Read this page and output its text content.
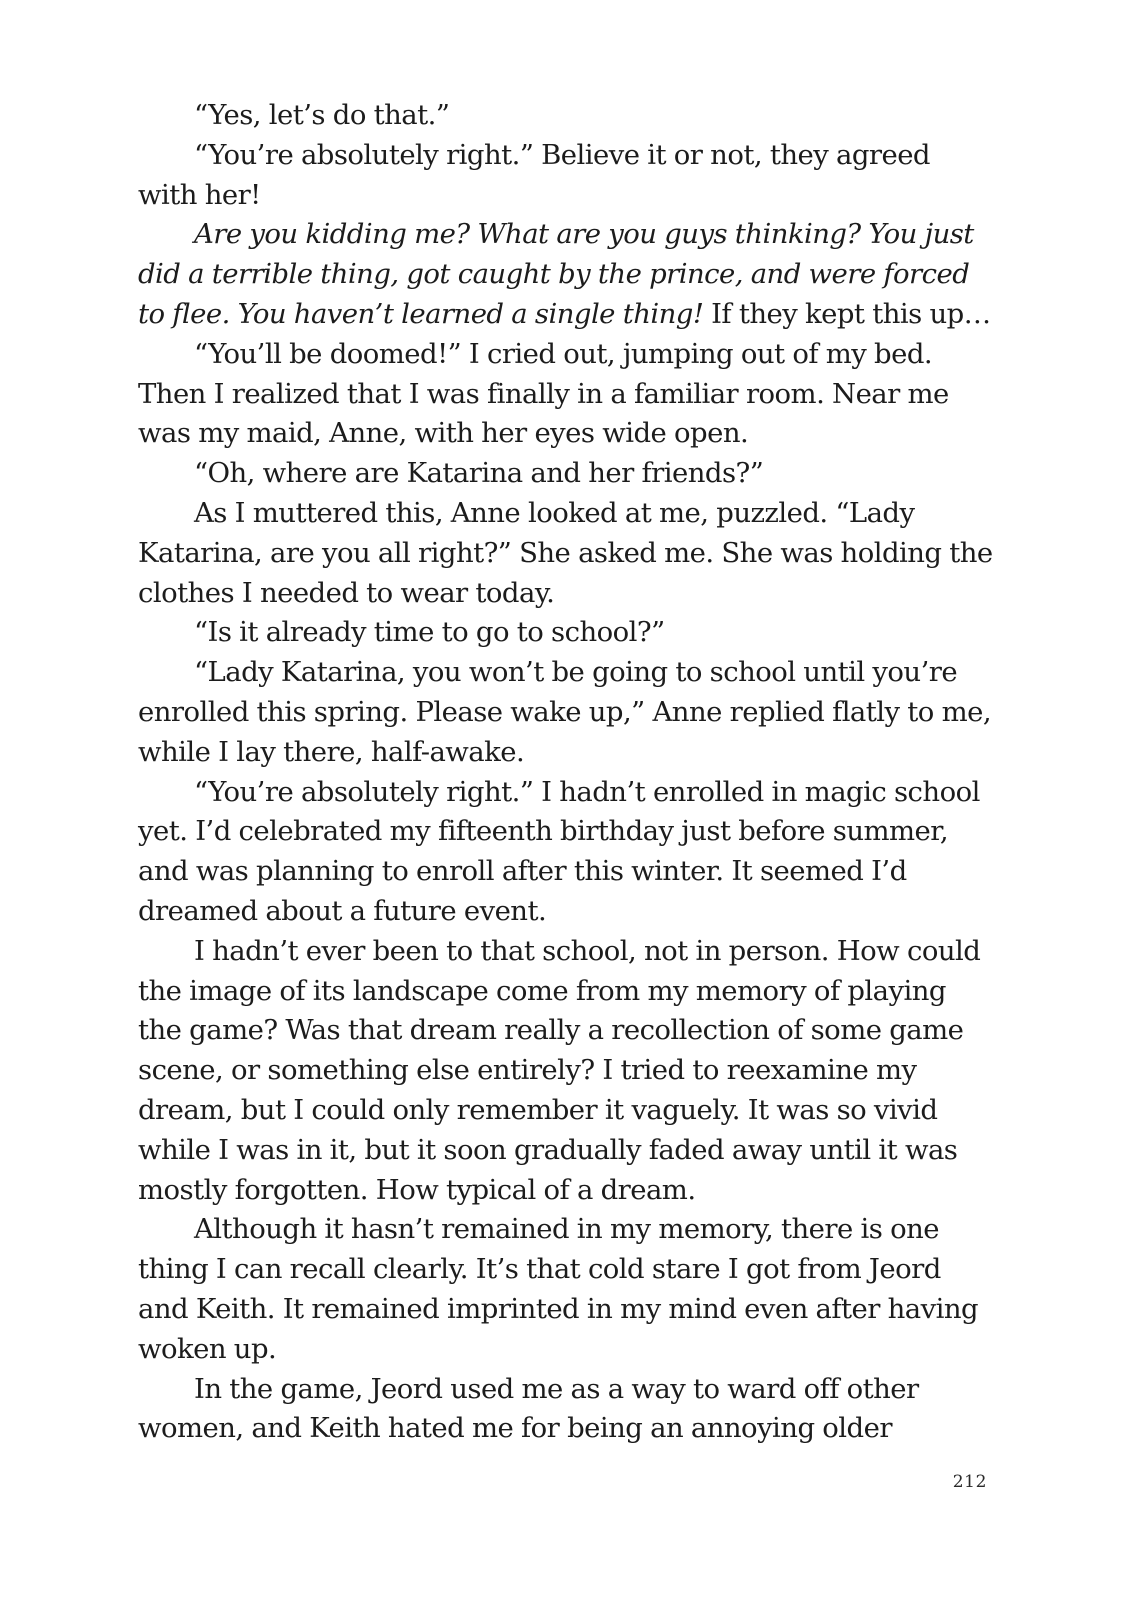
“Yes, let’s do that.”

“You’re absolutely right.” Believe it or not, they agreed with her!

Are you kidding me? What are you guys thinking? You just did a terrible thing, got caught by the prince, and were forced to flee. You haven’t learned a single thing! If they kept this up…

“You’ll be doomed!” I cried out, jumping out of my bed. Then I realized that I was finally in a familiar room. Near me was my maid, Anne, with her eyes wide open.

“Oh, where are Katarina and her friends?”

As I muttered this, Anne looked at me, puzzled. “Lady Katarina, are you all right?” She asked me. She was holding the clothes I needed to wear today.

“Is it already time to go to school?”

“Lady Katarina, you won’t be going to school until you’re enrolled this spring. Please wake up,” Anne replied flatly to me, while I lay there, half-awake.

“You’re absolutely right.” I hadn’t enrolled in magic school yet. I’d celebrated my fifteenth birthday just before summer, and was planning to enroll after this winter. It seemed I’d dreamed about a future event.

I hadn’t ever been to that school, not in person. How could the image of its landscape come from my memory of playing the game? Was that dream really a recollection of some game scene, or something else entirely? I tried to reexamine my dream, but I could only remember it vaguely. It was so vivid while I was in it, but it soon gradually faded away until it was mostly forgotten. How typical of a dream.

Although it hasn’t remained in my memory, there is one thing I can recall clearly. It’s that cold stare I got from Jeord and Keith. It remained imprinted in my mind even after having woken up.

In the game, Jeord used me as a way to ward off other women, and Keith hated me for being an annoying older

212
